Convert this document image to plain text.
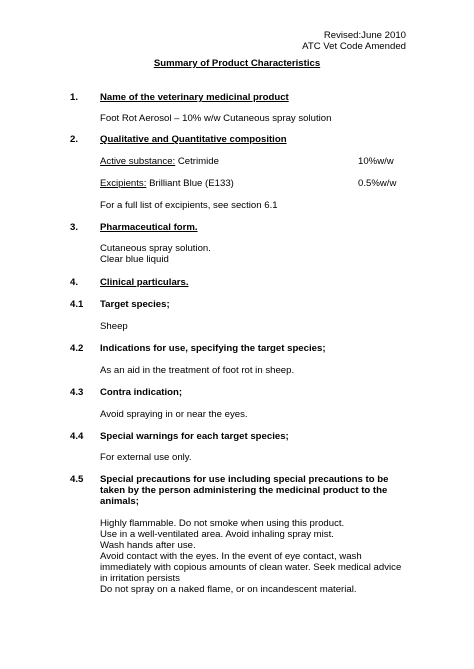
Revised:June 2010
ATC Vet Code Amended
Summary of Product Characteristics
1. Name of the veterinary medicinal product
Foot Rot Aerosol – 10% w/w Cutaneous spray solution
2. Qualitative and Quantitative composition
Active substance: Cetrimide	10%w/w
Excipients: Brilliant Blue (E133)	0.5%w/w
For a full list of excipients, see section 6.1
3. Pharmaceutical form.
Cutaneous spray solution.
Clear blue liquid
4. Clinical particulars.
4.1 Target species;
Sheep
4.2 Indications for use, specifying the target species;
As an aid in the treatment of foot rot in sheep.
4.3 Contra indication;
Avoid spraying in or near the eyes.
4.4 Special warnings for each target species;
For external use only.
4.5 Special precautions for use including special precautions to be
taken by the person administering the medicinal product to the
animals;
Highly flammable. Do not smoke when using this product.
Use in a well-ventilated area. Avoid inhaling spray mist.
Wash hands after use.
Avoid contact with the eyes. In the event of eye contact, wash
immediately with copious amounts of clean water. Seek medical advice
in irritation persists
Do not spray on a naked flame, or on incandescent material.
